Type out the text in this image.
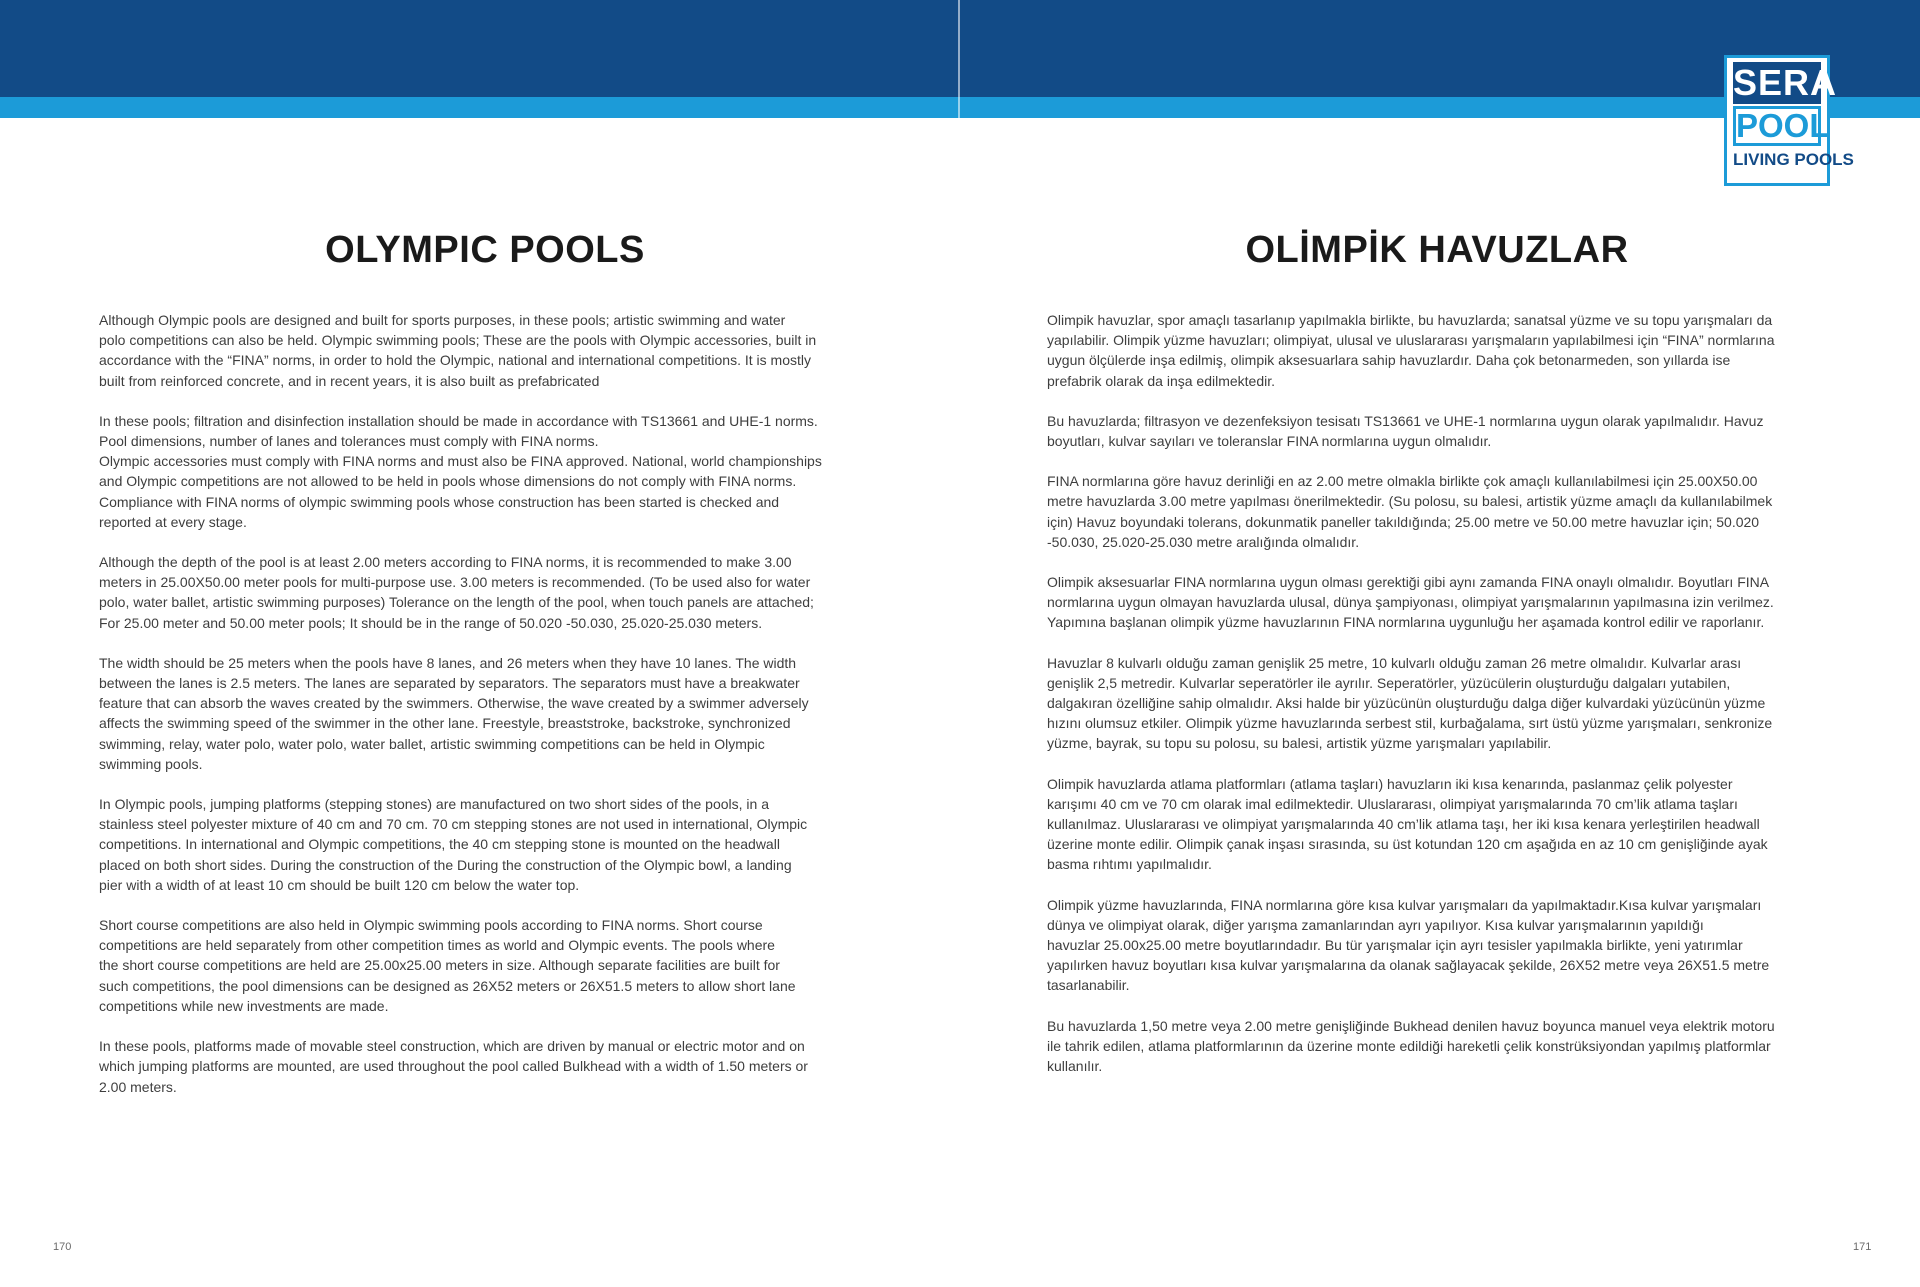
SERA
POOL
LIVING POOLS
OLYMPIC POOLS

Although Olympic pools are designed and built for sports purposes, in these pools; artistic swimming and water
polo competitions can also be held. Olympic swimming pools; These are the pools with Olympic accessories, built in
accordance with the “FINA” norms, in order to hold the Olympic, national and international competitions. It is mostly
built from reinforced concrete, and in recent years, it is also built as prefabricated

In these pools; filtration and disinfection installation should be made in accordance with TS13661 and UHE-1 norms.
Pool dimensions, number of lanes and tolerances must comply with FINA norms.
Olympic accessories must comply with FINA norms and must also be FINA approved. National, world championships
and Olympic competitions are not allowed to be held in pools whose dimensions do not comply with FINA norms.
Compliance with FINA norms of olympic swimming pools whose construction has been started is checked and
reported at every stage.

Although the depth of the pool is at least 2.00 meters according to FINA norms, it is recommended to make 3.00
meters in 25.00X50.00 meter pools for multi-purpose use. 3.00 meters is recommended. (To be used also for water
polo, water ballet, artistic swimming purposes) Tolerance on the length of the pool, when touch panels are attached;
For 25.00 meter and 50.00 meter pools; It should be in the range of 50.020 -50.030, 25.020-25.030 meters.

The width should be 25 meters when the pools have 8 lanes, and 26 meters when they have 10 lanes. The width
between the lanes is 2.5 meters. The lanes are separated by separators. The separators must have a breakwater
feature that can absorb the waves created by the swimmers. Otherwise, the wave created by a swimmer adversely
affects the swimming speed of the swimmer in the other lane. Freestyle, breaststroke, backstroke, synchronized
swimming, relay, water polo, water polo, water ballet, artistic swimming competitions can be held in Olympic
swimming pools.

In Olympic pools, jumping platforms (stepping stones) are manufactured on two short sides of the pools, in a
stainless steel polyester mixture of 40 cm and 70 cm. 70 cm stepping stones are not used in international, Olympic
competitions. In international and Olympic competitions, the 40 cm stepping stone is mounted on the headwall
placed on both short sides. During the construction of the During the construction of the Olympic bowl, a landing
pier with a width of at least 10 cm should be built 120 cm below the water top.

Short course competitions are also held in Olympic swimming pools according to FINA norms. Short course
competitions are held separately from other competition times as world and Olympic events. The pools where
the short course competitions are held are 25.00x25.00 meters in size. Although separate facilities are built for
such competitions, the pool dimensions can be designed as 26X52 meters or 26X51.5 meters to allow short lane
competitions while new investments are made.

In these pools, platforms made of movable steel construction, which are driven by manual or electric motor and on
which jumping platforms are mounted, are used throughout the pool called Bulkhead with a width of 1.50 meters or
2.00 meters.

OLİMPİK HAVUZLAR

Olimpik havuzlar, spor amaçlı tasarlanıp yapılmakla birlikte, bu havuzlarda; sanatsal yüzme ve su topu yarışmaları da
yapılabilir. Olimpik yüzme havuzları; olimpiyat, ulusal ve uluslararası yarışmaların yapılabilmesi için “FINA” normlarına
uygun ölçülerde inşa edilmiş, olimpik aksesuarlara sahip havuzlardır. Daha çok betonarmeden, son yıllarda ise
prefabrik olarak da inşa edilmektedir.

Bu havuzlarda; filtrasyon ve dezenfeksiyon tesisatı TS13661 ve UHE-1 normlarına uygun olarak yapılmalıdır. Havuz
boyutları, kulvar sayıları ve toleranslar FINA normlarına uygun olmalıdır.

FINA normlarına göre havuz derinliği en az 2.00 metre olmakla birlikte çok amaçlı kullanılabilmesi için 25.00X50.00
metre havuzlarda 3.00 metre yapılması önerilmektedir. (Su polosu, su balesi, artistik yüzme amaçlı da kullanılabilmek
için) Havuz boyundaki tolerans, dokunmatik paneller takıldığında; 25.00 metre ve 50.00 metre havuzlar için; 50.020
-50.030, 25.020-25.030 metre aralığında olmalıdır.

Olimpik aksesuarlar FINA normlarına uygun olması gerektiği gibi aynı zamanda FINA onaylı olmalıdır. Boyutları FINA
normlarına uygun olmayan havuzlarda ulusal, dünya şampiyonası, olimpiyat yarışmalarının yapılmasına izin verilmez.
Yapımına başlanan olimpik yüzme havuzlarının FINA normlarına uygunluğu her aşamada kontrol edilir ve raporlanır.

Havuzlar 8 kulvarlı olduğu zaman genişlik 25 metre, 10 kulvarlı olduğu zaman 26 metre olmalıdır. Kulvarlar arası
genişlik 2,5 metredir. Kulvarlar seperatörler ile ayrılır. Seperatörler, yüzücülerin oluşturduğu dalgaları yutabilen,
dalgakıran özelliğine sahip olmalıdır. Aksi halde bir yüzücünün oluşturduğu dalga diğer kulvardaki yüzücünün yüzme
hızını olumsuz etkiler. Olimpik yüzme havuzlarında serbest stil, kurbağalama, sırt üstü yüzme yarışmaları, senkronize
yüzme, bayrak, su topu su polosu, su balesi, artistik yüzme yarışmaları yapılabilir.

Olimpik havuzlarda atlama platformları (atlama taşları) havuzların iki kısa kenarında, paslanmaz çelik polyester
karışımı 40 cm ve 70 cm olarak imal edilmektedir. Uluslararası, olimpiyat yarışmalarında 70 cm’lik atlama taşları
kullanılmaz. Uluslararası ve olimpiyat yarışmalarında 40 cm’lik atlama taşı, her iki kısa kenara yerleştirilen headwall
üzerine monte edilir. Olimpik çanak inşası sırasında, su üst kotundan 120 cm aşağıda en az 10 cm genişliğinde ayak
basma rıhtımı yapılmalıdır.

Olimpik yüzme havuzlarında, FINA normlarına göre kısa kulvar yarışmaları da yapılmaktadır.Kısa kulvar yarışmaları
dünya ve olimpiyat olarak, diğer yarışma zamanlarından ayrı yapılıyor. Kısa kulvar yarışmalarının yapıldığı
havuzlar 25.00x25.00 metre boyutlarındadır. Bu tür yarışmalar için ayrı tesisler yapılmakla birlikte, yeni yatırımlar
yapılırken havuz boyutları kısa kulvar yarışmalarına da olanak sağlayacak şekilde, 26X52 metre veya 26X51.5 metre
tasarlanabilir.

Bu havuzlarda 1,50 metre veya 2.00 metre genişliğinde Bukhead denilen havuz boyunca manuel veya elektrik motoru
ile tahrik edilen, atlama platformlarının da üzerine monte edildiği hareketli çelik konstrüksiyondan yapılmış platformlar
kullanılır.

170	171
